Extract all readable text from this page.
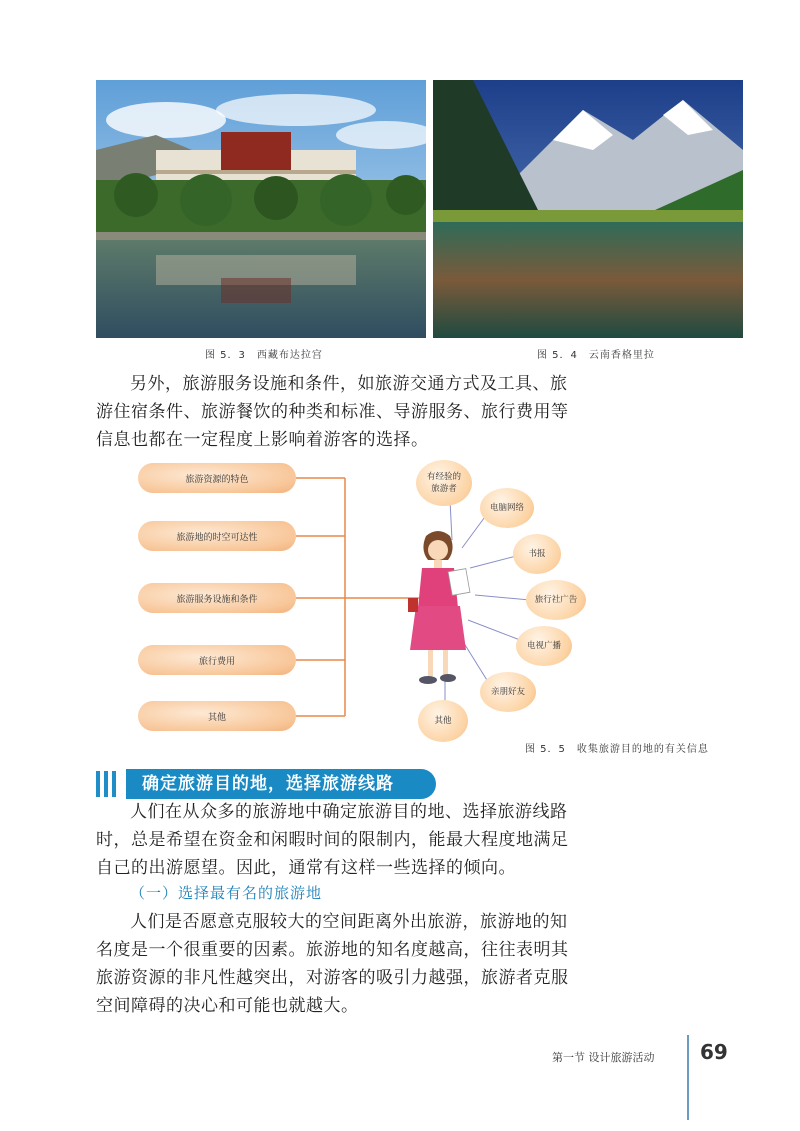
图 5．3　西藏布达拉宫	图 5．4　云南香格里拉
另外，旅游服务设施和条件，如旅游交通方式及工具、旅
游住宿条件、旅游餐饮的种类和标准、导游服务、旅行费用等
信息也都在一定程度上影响着游客的选择。
旅游资源的特色
旅游地的时空可达性
旅游服务设施和条件
旅行费用
其他
有经验的旅游者
电脑网络
书报
旅行社广告
电视广播
亲朋好友
其他
图 5．5　收集旅游目的地的有关信息
确定旅游目的地，选择旅游线路
人们在从众多的旅游地中确定旅游目的地、选择旅游线路
时，总是希望在资金和闲暇时间的限制内，能最大程度地满足
自己的出游愿望。因此，通常有这样一些选择的倾向。
（一）选择最有名的旅游地
人们是否愿意克服较大的空间距离外出旅游，旅游地的知
名度是一个很重要的因素。旅游地的知名度越高，往往表明其
旅游资源的非凡性越突出，对游客的吸引力越强，旅游者克服
空间障碍的决心和可能也就越大。
第一节 设计旅游活动 69
